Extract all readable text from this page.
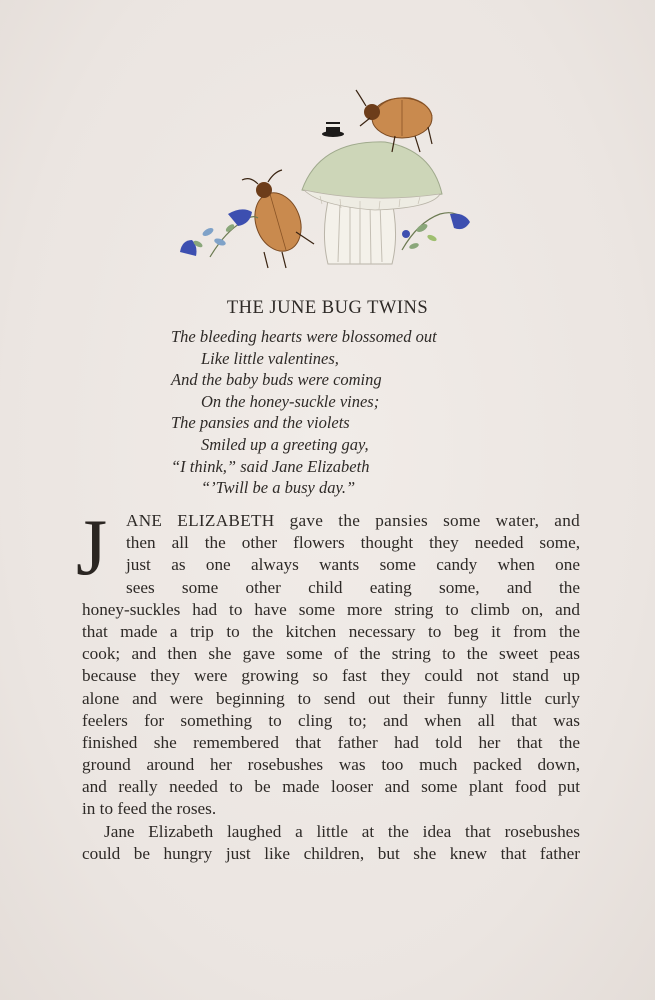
THE JUNE BUG TWINS
The bleeding hearts were blossomed out
Like little valentines,
And the baby buds were coming
On the honey-suckle vines;
The pansies and the violets
Smiled up a greeting gay,
“I think,” said Jane Elizabeth
“’Twill be a busy day.”
J ANE ELIZABETH gave the pansies some water, and
then all the other flowers thought they needed some,
just as one always wants some candy when one
sees some other child eating some, and the
honey-suckles had to have some more string to climb on, and
that made a trip to the kitchen necessary to beg it from the
cook; and then she gave some of the string to the sweet peas
because they were growing so fast they could not stand up
alone and were beginning to send out their funny little curly
feelers for something to cling to; and when all that was
finished she remembered that father had told her that the
ground around her rosebushes was too much packed down,
and really needed to be made looser and some plant food put
in to feed the roses.
Jane Elizabeth laughed a little at the idea that rosebushes
could be hungry just like children, but she knew that father
